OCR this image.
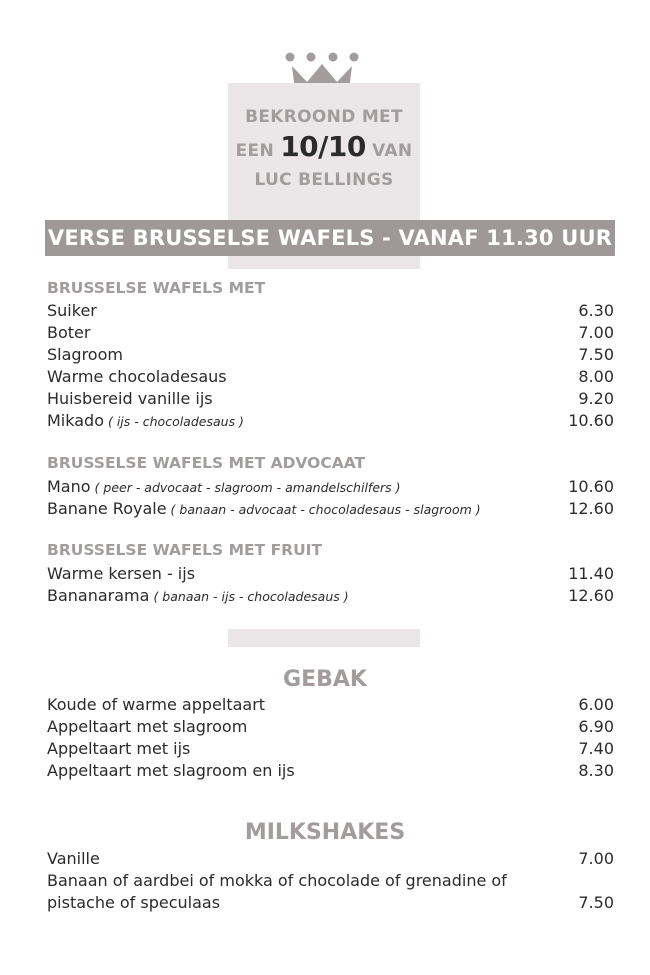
BEKROOND MET
EEN 10/10 VAN
LUC BELLINGS
VERSE BRUSSELSE WAFELS - VANAF 11.30 UUR
BRUSSELSE WAFELS MET
Suiker	6.30
Boter	7.00
Slagroom	7.50
Warme chocoladesaus	8.00
Huisbereid vanille ijs	9.20
Mikado ( ijs - chocoladesaus )	10.60
BRUSSELSE WAFELS MET ADVOCAAT
Mano ( peer - advocaat - slagroom - amandelschilfers )	10.60
Banane Royale ( banaan - advocaat - chocoladesaus - slagroom )	12.60
BRUSSELSE WAFELS MET FRUIT
Warme kersen - ijs	11.40
Bananarama ( banaan - ijs - chocoladesaus )	12.60
GEBAK
Koude of warme appeltaart	6.00
Appeltaart met slagroom	6.90
Appeltaart met ijs	7.40
Appeltaart met slagroom en ijs	8.30
MILKSHAKES
Vanille	7.00
Banaan of aardbei of mokka of chocolade of grenadine of
pistache of speculaas	7.50
